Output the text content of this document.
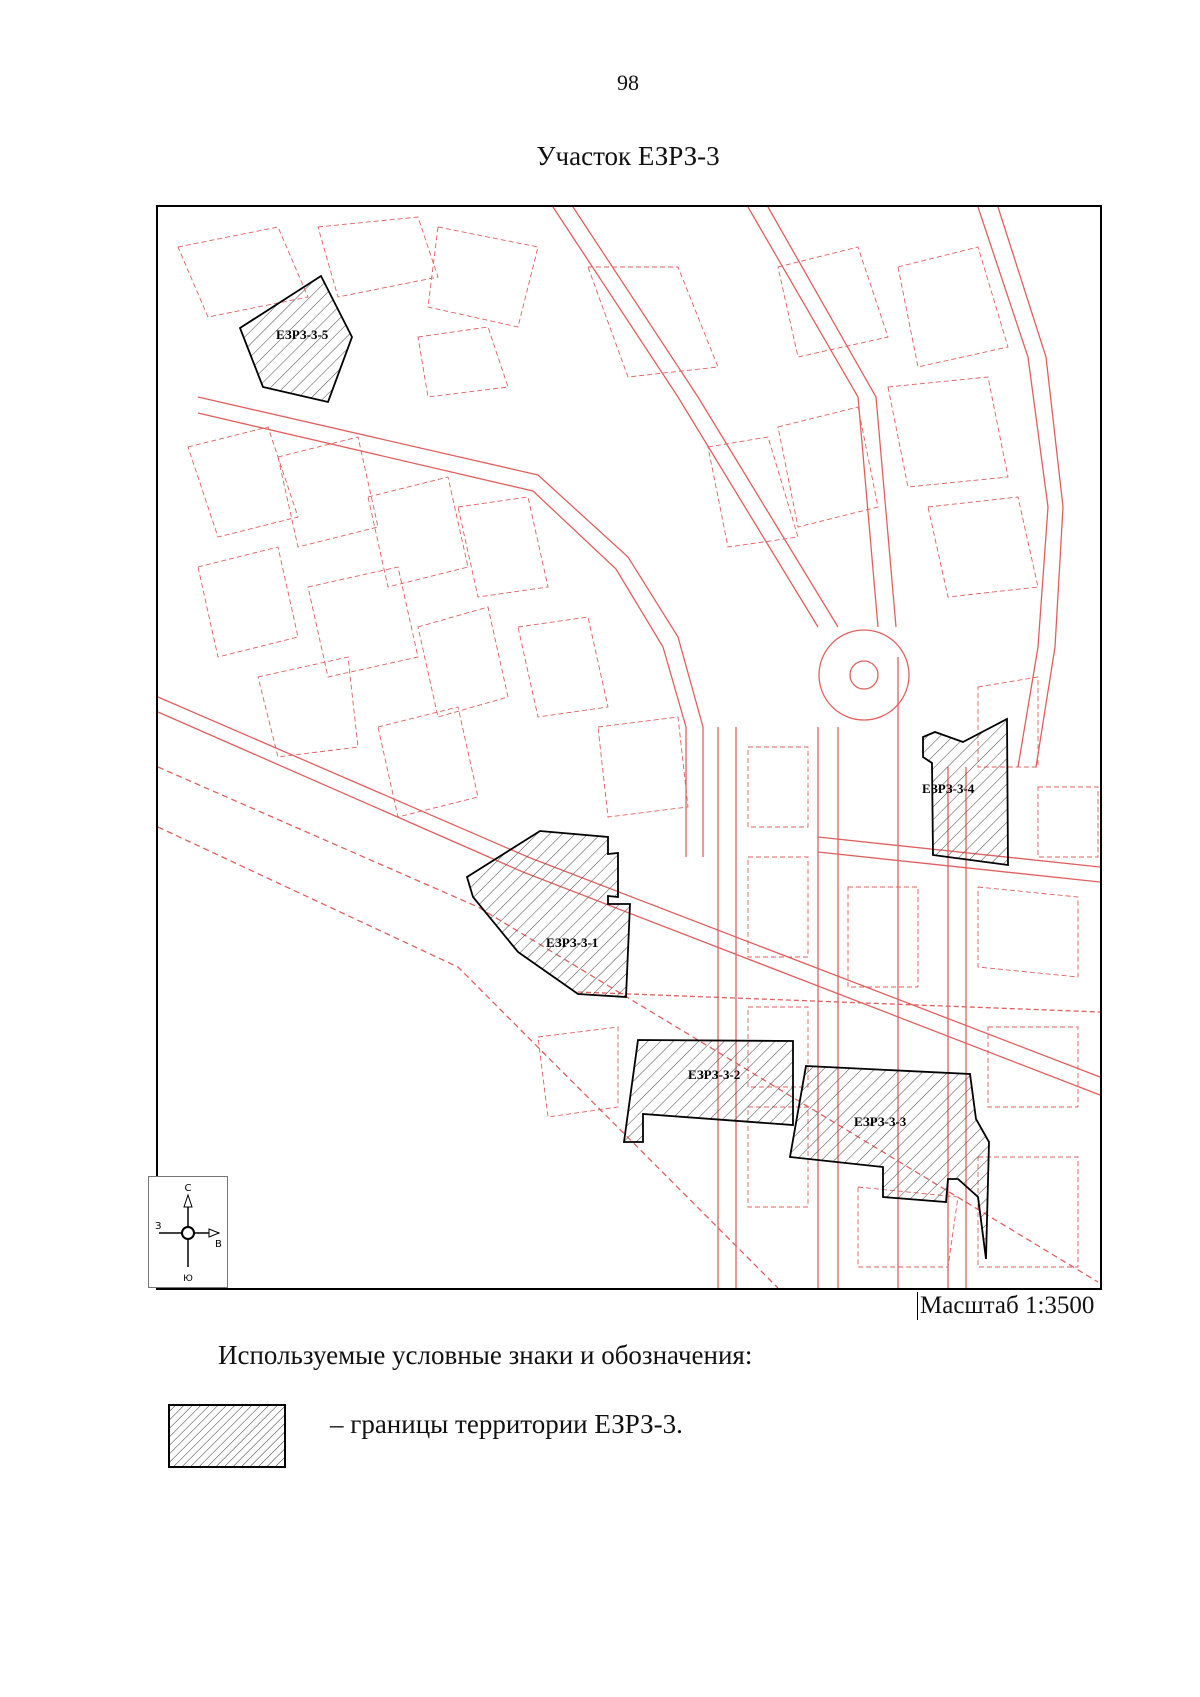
98
Участок ЕЗРЗ-3
ЕЗРЗ-3-5
ЕЗРЗ-3-4
ЕЗРЗ-3-1
ЕЗРЗ-3-2
ЕЗРЗ-3-3
С
Ю
З
В
Масштаб 1:3500
Используемые условные знаки и обозначения:
– границы территории ЕЗРЗ-3.
